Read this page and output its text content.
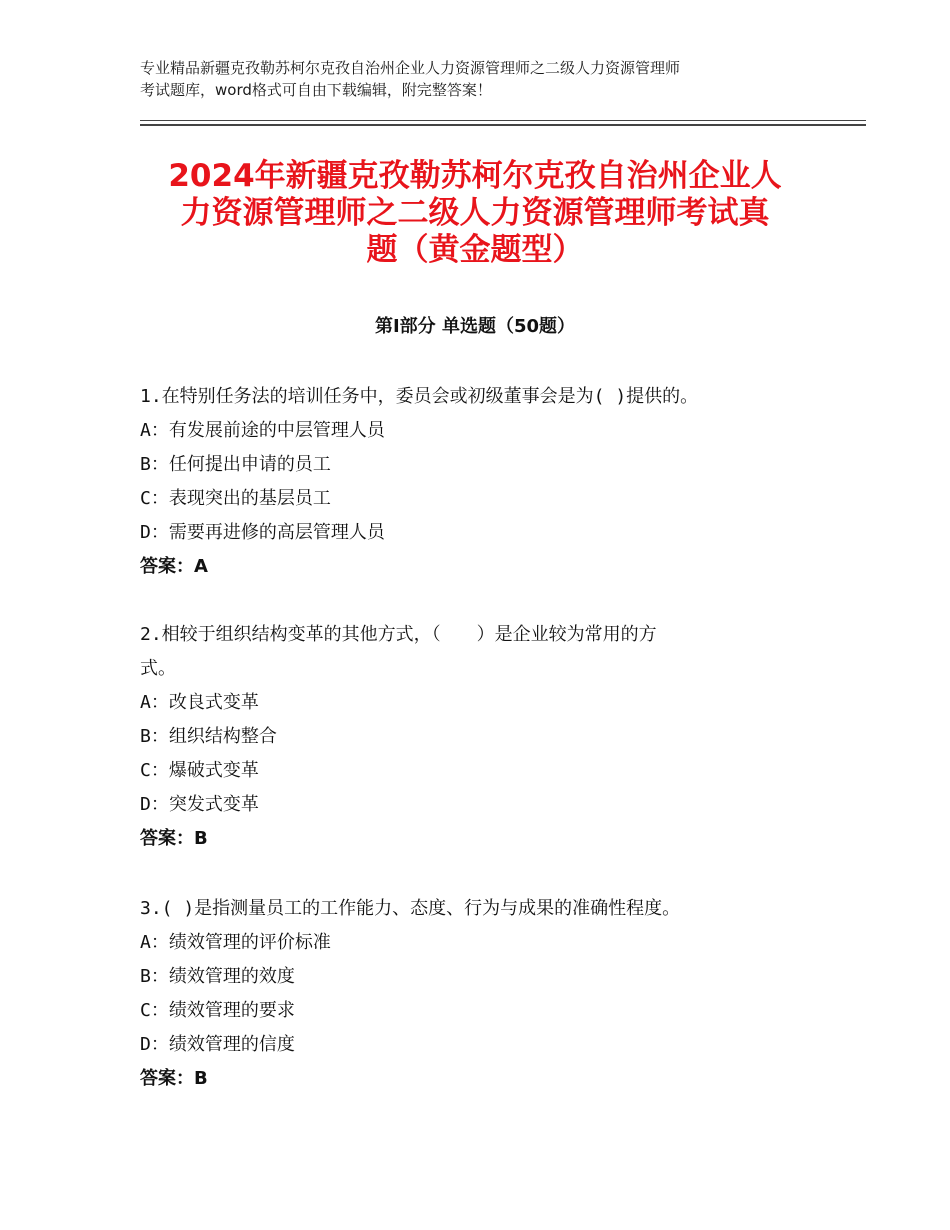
专业精品新疆克孜勒苏柯尔克孜自治州企业人力资源管理师之二级人力资源管理师
考试题库，word格式可自由下载编辑，附完整答案！
2024年新疆克孜勒苏柯尔克孜自治州企业人
力资源管理师之二级人力资源管理师考试真
题（黄金题型）
第Ⅰ部分 单选题（50题）
1.在特别任务法的培训任务中，委员会或初级董事会是为( )提供的。
A：有发展前途的中层管理人员
B：任何提出申请的员工
C：表现突出的基层员工
D：需要再进修的高层管理人员
答案：A
2.相较于组织结构变革的其他方式，（　　）是企业较为常用的方
式。
A：改良式变革
B：组织结构整合
C：爆破式变革
D：突发式变革
答案：B
3.( )是指测量员工的工作能力、态度、行为与成果的准确性程度。
A：绩效管理的评价标准
B：绩效管理的效度
C：绩效管理的要求
D：绩效管理的信度
答案：B
